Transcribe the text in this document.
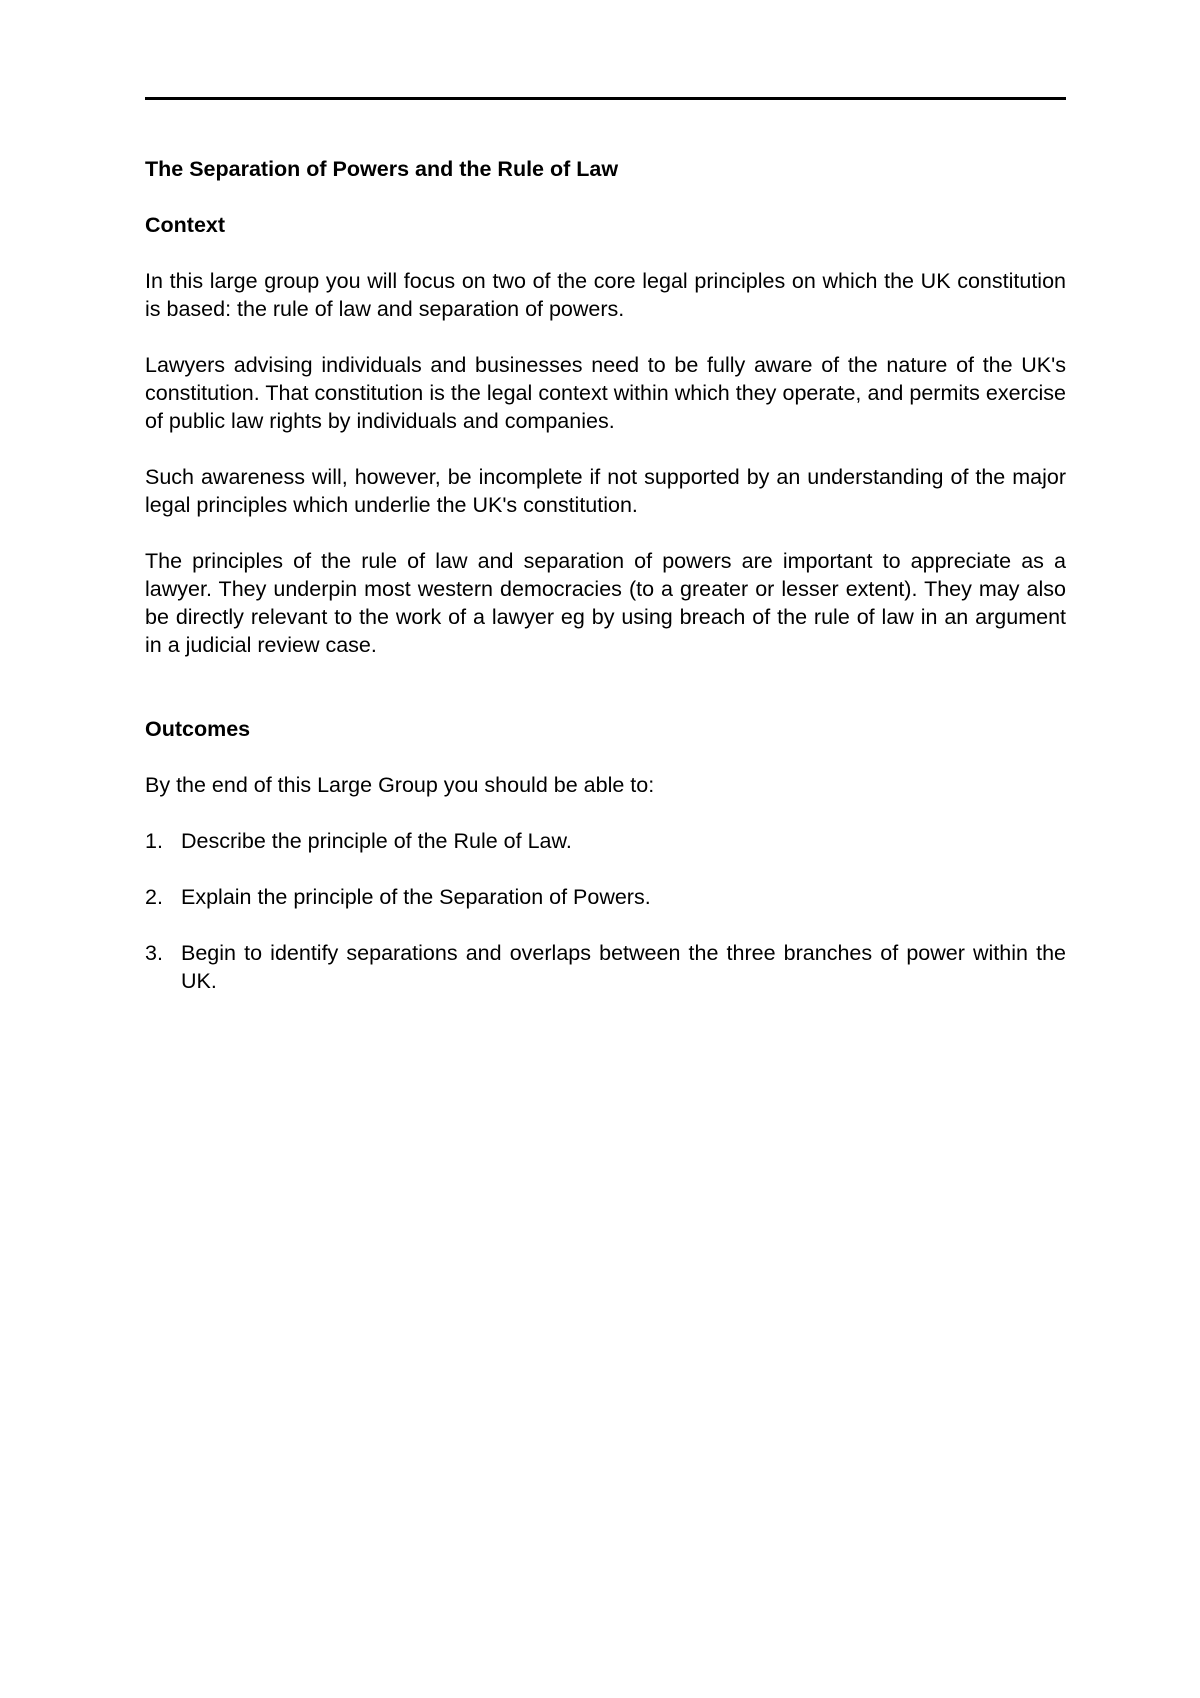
The Separation of Powers and the Rule of Law

Context

In this large group you will focus on two of the core legal principles on which the UK constitution is based: the rule of law and separation of powers.

Lawyers advising individuals and businesses need to be fully aware of the nature of the UK's constitution. That constitution is the legal context within which they operate, and permits exercise of public law rights by individuals and companies.

Such awareness will, however, be incomplete if not supported by an understanding of the major legal principles which underlie the UK's constitution.

The principles of the rule of law and separation of powers are important to appreciate as a lawyer. They underpin most western democracies (to a greater or lesser extent). They may also be directly relevant to the work of a lawyer eg by using breach of the rule of law in an argument in a judicial review case.

Outcomes

By the end of this Large Group you should be able to:

1. Describe the principle of the Rule of Law.
2. Explain the principle of the Separation of Powers.
3. Begin to identify separations and overlaps between the three branches of power within the UK.
